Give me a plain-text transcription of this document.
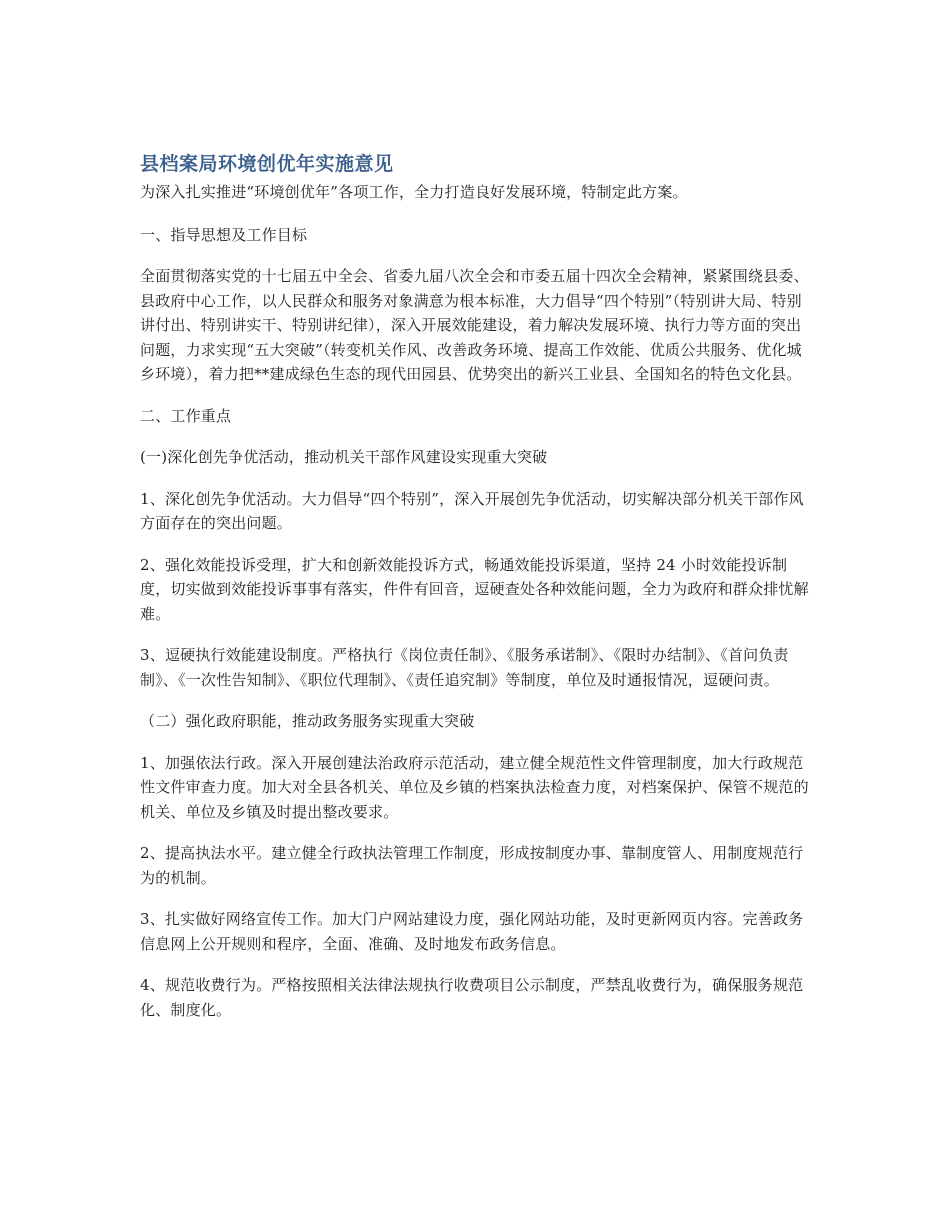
县档案局环境创优年实施意见

为深入扎实推进“环境创优年”各项工作，全力打造良好发展环境，特制定此方案。

一、指导思想及工作目标

全面贯彻落实党的十七届五中全会、省委九届八次全会和市委五届十四次全会精神，紧紧围绕县委、县政府中心工作，以人民群众和服务对象满意为根本标准，大力倡导“四个特别”（特别讲大局、特别讲付出、特别讲实干、特别讲纪律），深入开展效能建设，着力解决发展环境、执行力等方面的突出问题，力求实现“五大突破”（转变机关作风、改善政务环境、提高工作效能、优质公共服务、优化城乡环境），着力把**建成绿色生态的现代田园县、优势突出的新兴工业县、全国知名的特色文化县。

二、工作重点

(一)深化创先争优活动，推动机关干部作风建设实现重大突破

1、深化创先争优活动。大力倡导“四个特别”，深入开展创先争优活动，切实解决部分机关干部作风方面存在的突出问题。

2、强化效能投诉受理，扩大和创新效能投诉方式，畅通效能投诉渠道，坚持 24 小时效能投诉制度，切实做到效能投诉事事有落实，件件有回音，逗硬查处各种效能问题，全力为政府和群众排忧解难。

3、逗硬执行效能建设制度。严格执行《岗位责任制》、《服务承诺制》、《限时办结制》、《首问负责制》、《一次性告知制》、《职位代理制》、《责任追究制》等制度，单位及时通报情况，逗硬问责。

（二）强化政府职能，推动政务服务实现重大突破

1、加强依法行政。深入开展创建法治政府示范活动，建立健全规范性文件管理制度，加大行政规范性文件审查力度。加大对全县各机关、单位及乡镇的档案执法检查力度，对档案保护、保管不规范的机关、单位及乡镇及时提出整改要求。

2、提高执法水平。建立健全行政执法管理工作制度，形成按制度办事、靠制度管人、用制度规范行为的机制。

3、扎实做好网络宣传工作。加大门户网站建设力度，强化网站功能，及时更新网页内容。完善政务信息网上公开规则和程序，全面、准确、及时地发布政务信息。

4、规范收费行为。严格按照相关法律法规执行收费项目公示制度，严禁乱收费行为，确保服务规范化、制度化。
